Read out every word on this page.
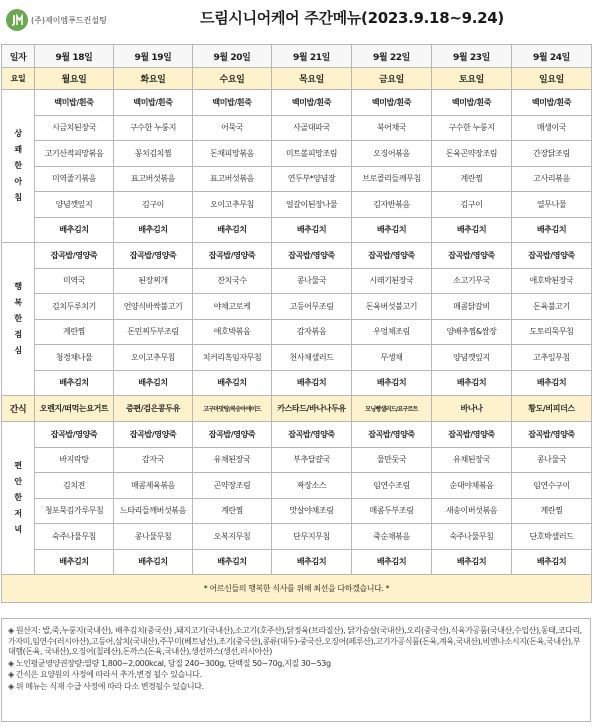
(주)제이엠푸드컨설팅	드림시니어케어 주간메뉴(2023.9.18~9.24)
일자	9월 18일	9월 19일	9월 20일	9월 21일	9월 22일	9월 23일	9월 24일
요일	월요일	화요일	수요일	목요일	금요일	토요일	일요일

상
쾌
한
아
침	백미밥/흰죽	백미밥/흰죽	백미밥/흰죽	백미밥/흰죽	백미밥/흰죽	백미밥/흰죽	백미밥/흰죽
	시금치된장국	구수한 누룽지	어묵국	사골대파국	북어채국	구수한 누룽지	매생이국
	고기산적피망볶음	꽁치김치찜	돈채피망볶음	미트볼피망조림	오징어볶음	돈육곤약장조림	간장닭조림
	미역줄기볶음	표고버섯볶음	표고버섯볶음	연두부*양념장	브로콜리들깨무침	계란찜	고사리볶음
	양념깻잎지	김구이	오이고추무침	얼갈이된장나물	김자반볶음	김구이	열무나물
	배추김치	배추김치	배추김치	배추김치	배추김치	배추김치	배추김치

행
복
한
점
심	잡곡밥/영양죽	잡곡밥/영양죽	잡곡밥/영양죽	잡곡밥/영양죽	잡곡밥/영양죽	잡곡밥/영양죽	잡곡밥/영양죽
	미역국	된장찌개	잔치국수	콩나물국	시래기된장국	소고기무국	애호박된장국
	김치두루치기	언양식바싹불고기	야채고로케	고등어무조림	돈육버섯불고기	매콤닭갈비	돈육불고기
	계란찜	돈민찌두부조림	애호박볶음	감자볶음	우엉채조림	양배추찜&쌈장	도토리묵무침
	청경채나물	오이고추무침	치커리흑임자무침	천사채샐러드	무생채	양념깻잎지	고추잎무침
	배추김치	배추김치	배추김치	배추김치	배추김치	배추김치	배추김치
간식	오렌지/떠먹는요거트	증편/검은콩두유	고구마맛탕/복숭아에이드	카스타드/바나나두유	모닝빵샐러드/요구르트	바나나	황도/비피더스

편
안
한
저
녁	잡곡밥/영양죽	잡곡밥/영양죽	잡곡밥/영양죽	잡곡밥/영양죽	잡곡밥/영양죽	잡곡밥/영양죽	잡곡밥/영양죽
	바지락탕	감자국	유채된장국	부추달걀국	물만둣국	유채된장국	콩나물국
	김치전	매콤제육볶음	곤약장조림	짜장소스	임연수조림	순대야채볶음	임연수구이
	청포묵김가루무침	느타리들깨버섯볶음	계란찜	맛살야채조림	매콤두부조림	새송이버섯볶음	계란찜
	숙주나물무침	콩나물무침	오복지무침	단무지무침	죽순채볶음	숙주나물무침	단호박샐러드
	배추김치	배추김치	배추김치	배추김치	배추김치	배추김치	배추김치
* 어르신들의 행복한 식사를 위해 최선을 다하겠습니다. *							

◈ 원산지: 밥,죽,누룽지(국내산), 배추김치(중국산) ,돼지고기(국내산),소고기(호주산),닭정육(브라질산), 닭가슴살(국내산),오리(중국산),식육가공품(국내산,수입산),동태,코다리,가자미,임연수(러시아산),고등어,삼치(국내산),주꾸미(베트남산),조기(중국산),콩류(대두)-중국산,오징어(페루산),고기가공식품(돈육,계육,국내산),비엔나소시지(돈육,국내산),부대햄(돈육, 국내산),오징어(칠레산),돈까스(돈육,국내산),생선까스(생선,러시아산)

◈ 노인평균영양권장량:열량 1,800~2,000kcal, 당질 240~300g, 단백질 50~70g,지질 30~53g

◈ 간식은 요양원의 사정에 따라서 추가,변경 될수 있습니다.

◈ 위 메뉴는 식재 수급 사정에 따라 다소 변경될수 있습니다.
